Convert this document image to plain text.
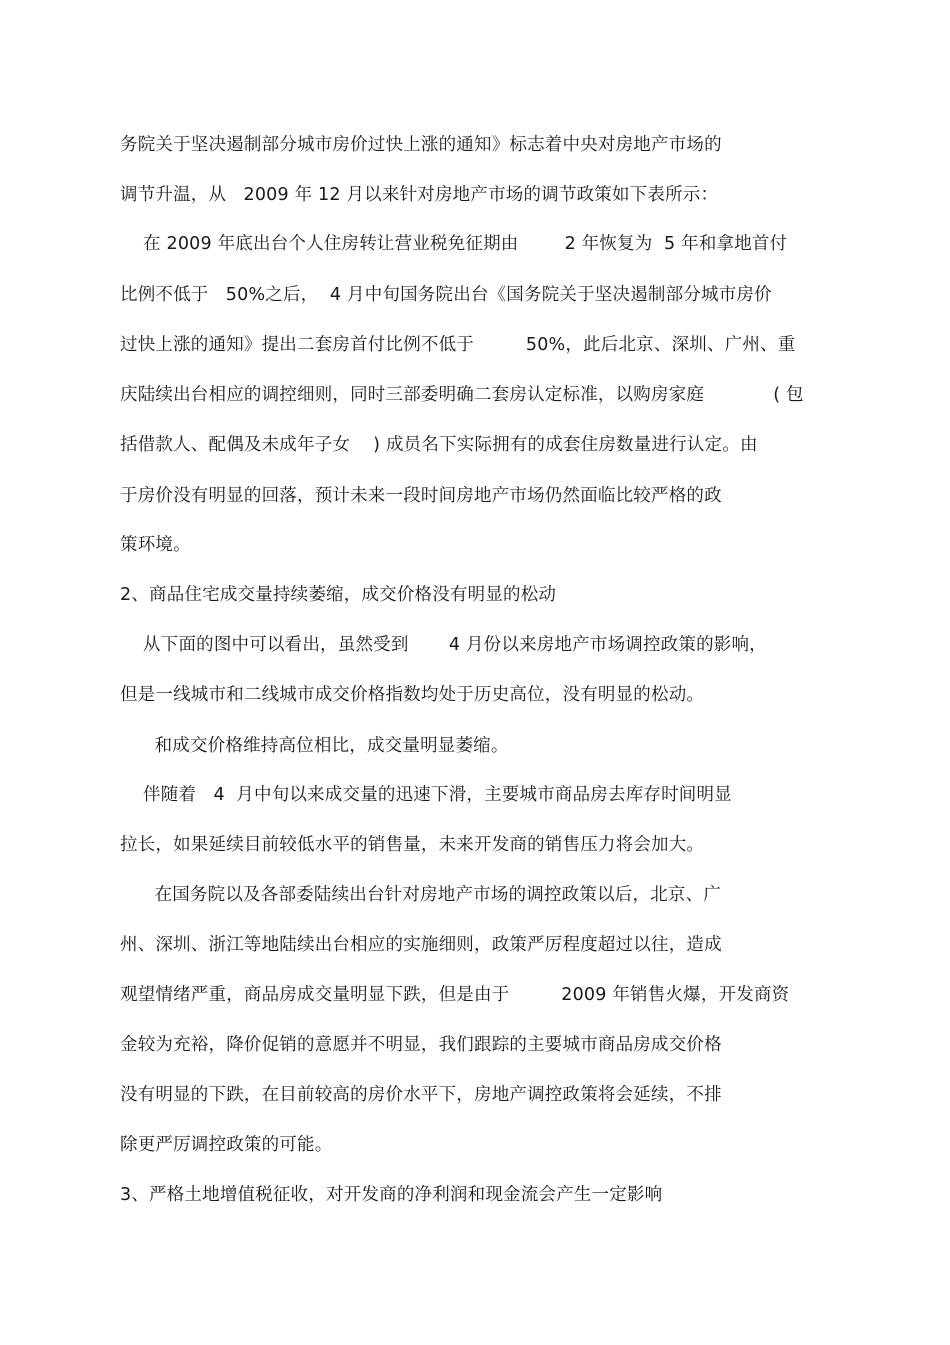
务院关于坚决遏制部分城市房价过快上涨的通知》标志着中央对房地产市场的
调节升温，从   2009 年 12 月以来针对房地产市场的调节政策如下表所示：
在 2009 年底出台个人住房转让营业税免征期由        2 年恢复为  5 年和拿地首付
比例不低于   50%之后，  4 月中旬国务院出台《国务院关于坚决遏制部分城市房价
过快上涨的通知》提出二套房首付比例不低于         50%，此后北京、深圳、广州、重
庆陆续出台相应的调控细则，同时三部委明确二套房认定标准，以购房家庭            ( 包
括借款人、配偶及未成年子女    ) 成员名下实际拥有的成套住房数量进行认定。由
于房价没有明显的回落，预计未来一段时间房地产市场仍然面临比较严格的政
策环境。
2、商品住宅成交量持续萎缩，成交价格没有明显的松动
从下面的图中可以看出，虽然受到       4 月份以来房地产市场调控政策的影响，
但是一线城市和二线城市成交价格指数均处于历史高位，没有明显的松动。
和成交价格维持高位相比，成交量明显萎缩。
伴随着   4  月中旬以来成交量的迅速下滑，主要城市商品房去库存时间明显
拉长，如果延续目前较低水平的销售量，未来开发商的销售压力将会加大。
在国务院以及各部委陆续出台针对房地产市场的调控政策以后，北京、广
州、深圳、浙江等地陆续出台相应的实施细则，政策严厉程度超过以往，造成
观望情绪严重，商品房成交量明显下跌，但是由于         2009 年销售火爆，开发商资
金较为充裕，降价促销的意愿并不明显，我们跟踪的主要城市商品房成交价格
没有明显的下跌，在目前较高的房价水平下，房地产调控政策将会延续，不排
除更严厉调控政策的可能。
3、严格土地增值税征收，对开发商的净利润和现金流会产生一定影响
